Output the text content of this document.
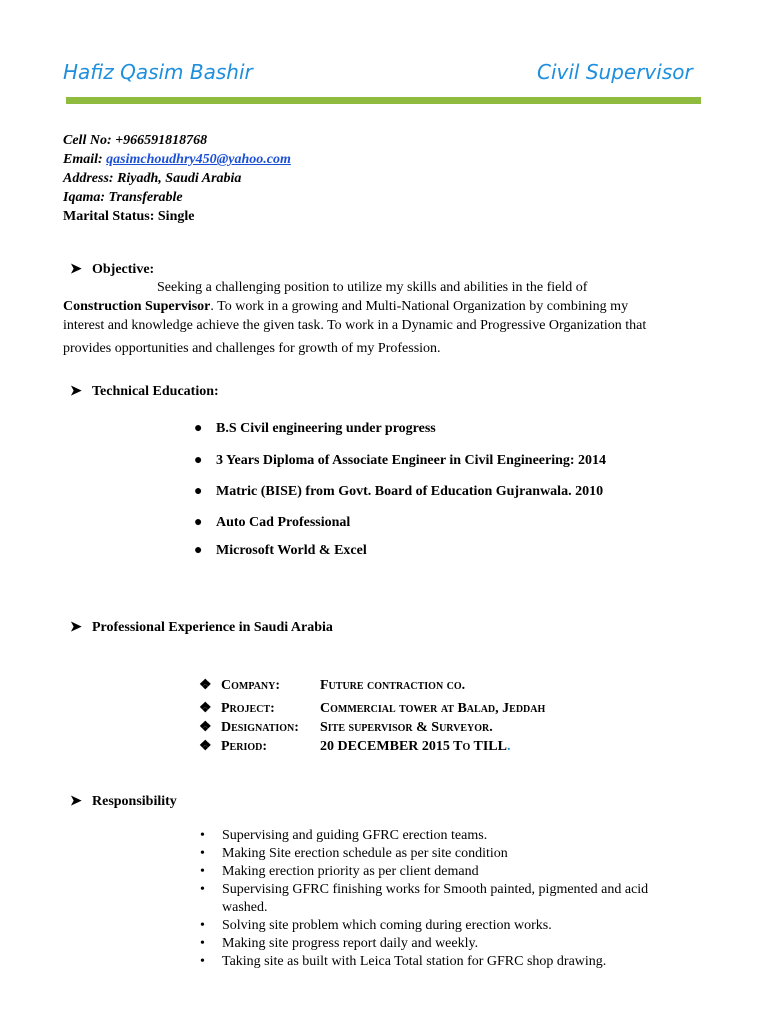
Hafiz Qasim Bashir	Civil Supervisor
Cell No: +966591818768
Email: qasimchoudhry450@yahoo.com
Address: Riyadh, Saudi Arabia
Iqama: Transferable
Marital Status: Single
➤ Objective:
Seeking a challenging position to utilize my skills and abilities in the field of
Construction Supervisor. To work in a growing and Multi-National Organization by combining my
interest and knowledge achieve the given task. To work in a Dynamic and Progressive Organization that
provides opportunities and challenges for growth of my Profession.
➤ Technical Education:
● B.S Civil engineering under progress
● 3 Years Diploma of Associate Engineer in Civil Engineering: 2014
● Matric (BISE) from Govt. Board of Education Gujranwala. 2010
● Auto Cad Professional
● Microsoft World & Excel
➤ Professional Experience in Saudi Arabia
❖ Company:	Future contraction co.
❖ Project:	Commercial tower at Balad, Jeddah
❖ Designation: Site supervisor & Surveyor.
❖ Period:	20 DECEMBER 2015 To TILL.
➤ Responsibility
• Supervising and guiding GFRC erection teams.
• Making Site erection schedule as per site condition
• Making erection priority as per client demand
• Supervising GFRC finishing works for Smooth painted, pigmented and acid washed.
• Solving site problem which coming during erection works.
• Making site progress report daily and weekly.
• Taking site as built with Leica Total station for GFRC shop drawing.
